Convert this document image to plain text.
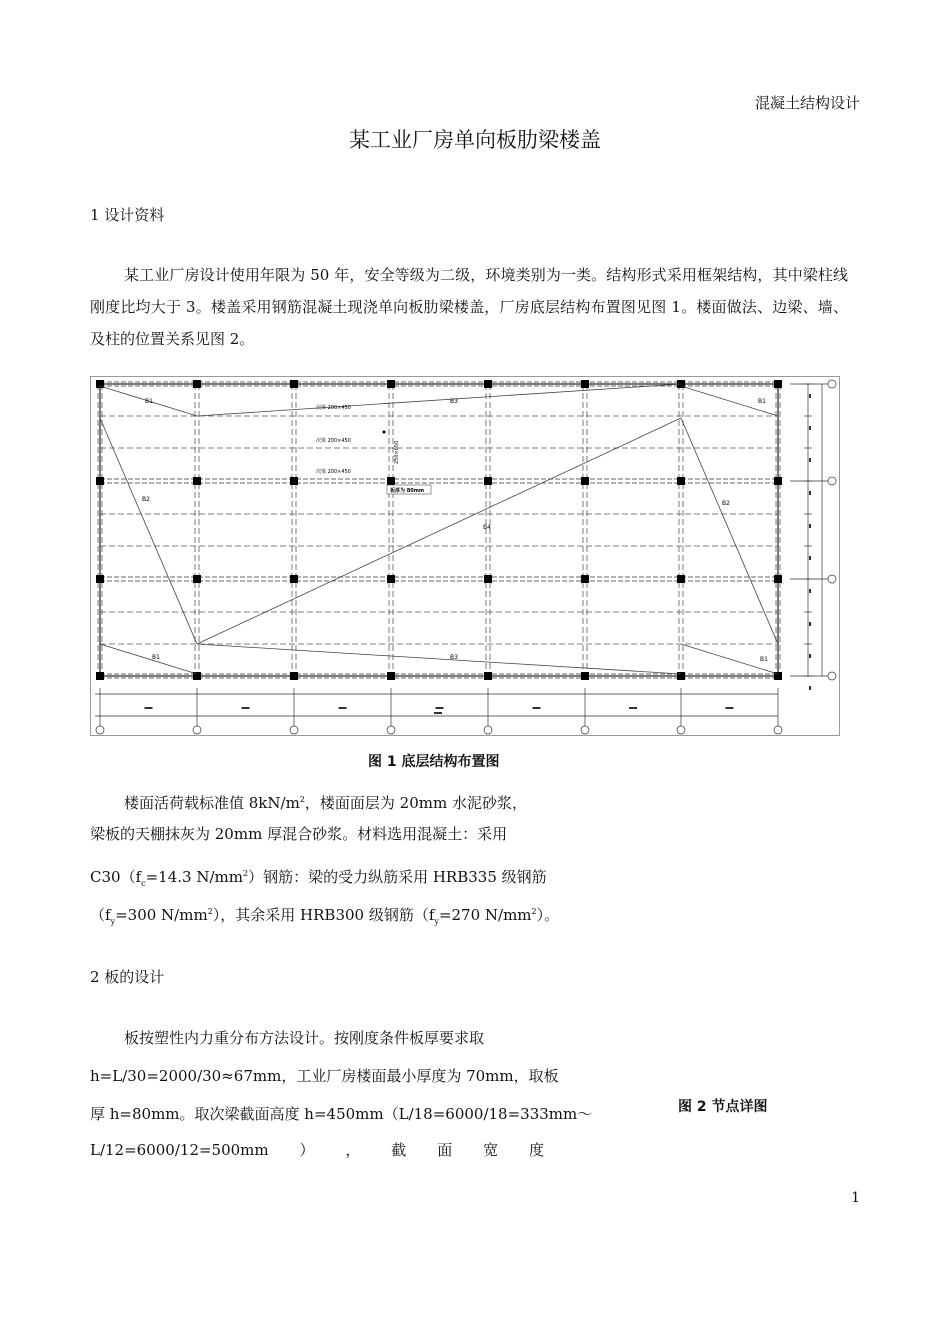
混凝土结构设计
某工业厂房单向板肋梁楼盖
1 设计资料
某工业厂房设计使用年限为 50 年，安全等级为二级，环境类别为一类。结构形式采用框架结构，其中梁柱线刚度比均大于 3。楼盖采用钢筋混凝土现浇单向板肋梁楼盖，厂房底层结构布置图见图 1。楼面做法、边梁、墙、及柱的位置关系见图 2。
B1	B3	B1
B2
B2
B4
B1	B3	B1
次梁 200×450
次梁 200×450
次梁 200×450
250×650
板厚为 80mm
图 1 底层结构布置图
楼面活荷载标准值 $8kN/m^2$，楼面面层为 20mm 水泥砂浆，
梁板的天棚抹灰为 20mm 厚混合砂浆。材料选用混凝土：采用
$C30(f_c=14.3$ $N/mm^2$）钢筋：梁的受力纵筋采用 HRB335 级钢筋
（$f_y=300$ $N/mm^2$），其余采用 HRB300 级钢筋（$f_y=270$ $N/mm^2$）。
2 板的设计
板按塑性内力重分布方法设计。按刚度条件板厚要求取
h=L/30=2000/30≈67mm，工业厂房楼面最小厚度为 70mm，取板
厚 h=80mm。取次梁截面高度 h=450mm（L/18=6000/18=333mm～
L/12=6000/12=500mm ） ， 截 面 宽 度
图 2 节点详图
1
